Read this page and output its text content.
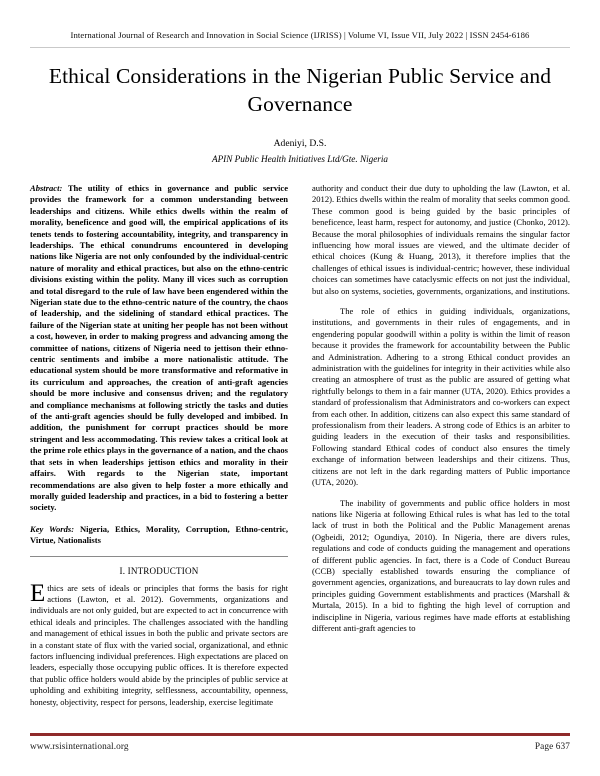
International Journal of Research and Innovation in Social Science (IJRISS) | Volume VI, Issue VII, July 2022 | ISSN 2454-6186
Ethical Considerations in the Nigerian Public Service and Governance
Adeniyi, D.S.
APIN Public Health Initiatives Ltd/Gte. Nigeria

Abstract: The utility of ethics in governance and public service provides the framework for a common understanding between leaderships and citizens. While ethics dwells within the realm of morality, beneficence and good will, the empirical applications of its tenets tends to fostering accountability, integrity, and transparency in leaderships. The ethical conundrums encountered in developing nations like Nigeria are not only confounded by the individual-centric nature of morality and ethical practices, but also on the ethno-centric divisions existing within the polity. Many ill vices such as corruption and total disregard to the rule of law have been engendered within the Nigerian state due to the ethno-centric nature of the country, the chaos of leadership, and the sidelining of standard ethical practices. The failure of the Nigerian state at uniting her people has not been without a cost, however, in order to making progress and advancing among the committee of nations, citizens of Nigeria need to jettison their ethno-centric sentiments and imbibe a more nationalistic attitude. The educational system should be more transformative and reformative in its curriculum and approaches, the creation of anti-graft agencies should be more inclusive and consensus driven; and the regulatory and compliance mechanisms at following strictly the tasks and duties of the anti-graft agencies should be fully developed and imbibed. In addition, the punishment for corrupt practices should be more stringent and less accommodating. This review takes a critical look at the prime role ethics plays in the governance of a nation, and the chaos that sets in when leaderships jettison ethics and morality in their affairs. With regards to the Nigerian state, important recommendations are also given to help foster a more ethically and morally guided leadership and practices, in a bid to fostering a better society.

Key Words: Nigeria, Ethics, Morality, Corruption, Ethno-centric, Virtue, Nationalists

I. INTRODUCTION

Ethics are sets of ideals or principles that forms the basis for right actions (Lawton, et al. 2012). Governments, organizations and individuals are not only guided, but are expected to act in concurrence with ethical ideals and principles. The challenges associated with the handling and management of ethical issues in both the public and private sectors are in a constant state of flux with the varied social, organizational, and ethnic factors influencing individual preferences. High expectations are placed on leaders, especially those occupying public offices. It is therefore expected that public office holders would abide by the principles of public service at upholding and exhibiting integrity, selflessness, accountability, openness, honesty, objectivity, respect for persons, leadership, exercise legitimate

authority and conduct their due duty to upholding the law (Lawton, et al. 2012). Ethics dwells within the realm of morality that seeks common good. These common good is being guided by the basic principles of beneficence, least harm, respect for autonomy, and justice (Chonko, 2012). Because the moral philosophies of individuals remains the singular factor influencing how moral issues are viewed, and the ultimate decider of ethical choices (Kung & Huang, 2013), it therefore implies that the challenges of ethical issues is individual-centric; however, these individual choices can sometimes have cataclysmic effects on not just the individual, but also on systems, societies, governments, organizations, and institutions.

The role of ethics in guiding individuals, organizations, institutions, and governments in their rules of engagements, and in engendering popular goodwill within a polity is within the limit of reason because it provides the framework for accountability between the Public and Administration. Adhering to a strong Ethical conduct provides an administration with the guidelines for integrity in their activities while also creating an atmosphere of trust as the public are assured of getting what rightfully belongs to them in a fair manner (UTA, 2020). Ethics provides a standard of professionalism that Administrators and co-workers can expect from each other. In addition, citizens can also expect this same standard of professionalism from their leaders. A strong code of Ethics is an arbiter to guiding leaders in the execution of their tasks and responsibilities. Following standard Ethical codes of conduct also ensures the timely exchange of information between leaderships and their citizens. Thus, citizens are not left in the dark regarding matters of Public importance (UTA, 2020).

The inability of governments and public office holders in most nations like Nigeria at following Ethical rules is what has led to the total lack of trust in both the Political and the Public Management arenas (Ogbeidi, 2012; Ogundiya, 2010). In Nigeria, there are divers rules, regulations and code of conducts guiding the management and operations of different public agencies. In fact, there is a Code of Conduct Bureau (CCB) specially established towards ensuring the compliance of government agencies, organizations, and bureaucrats to lay down rules and principles guiding Government establishments and practices (Marshall & Murtala, 2015). In a bid to fighting the high level of corruption and indiscipline in Nigeria, various regimes have made efforts at establishing different anti-graft agencies to

www.rsisinternational.org	Page 637
